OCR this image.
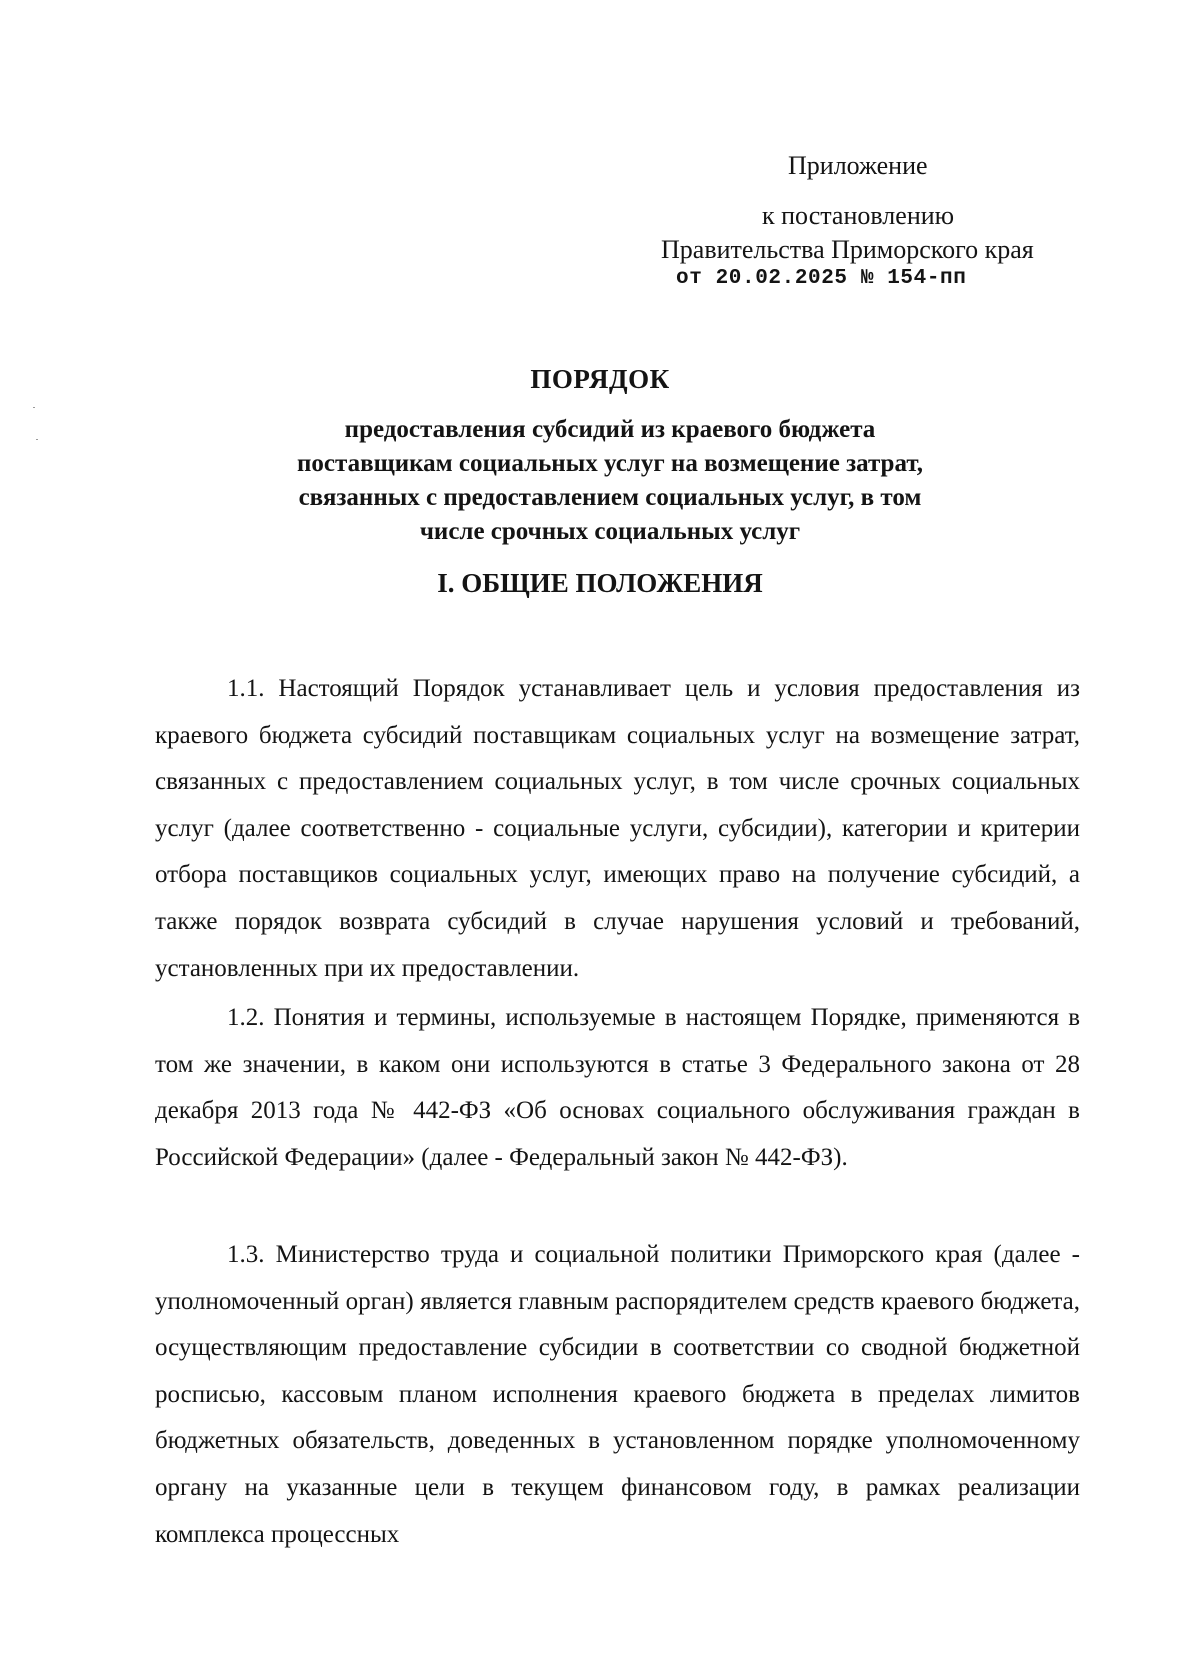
Приложение
к постановлению
Правительства Приморского края
от 20.02.2025 № 154-пп
ПОРЯДОК
предоставления субсидий из краевого бюджета
поставщикам социальных услуг на возмещение затрат,
связанных с предоставлением социальных услуг, в том
числе срочных социальных услуг
I. ОБЩИЕ ПОЛОЖЕНИЯ

1.1. Настоящий Порядок устанавливает цель и условия предоставления из краевого бюджета субсидий поставщикам социальных услуг на возмещение затрат, связанных с предоставлением социальных услуг, в том числе срочных социальных услуг (далее соответственно - социальные услуги, субсидии), категории и критерии отбора поставщиков социальных услуг, имеющих право на получение субсидий, а также порядок возврата субсидий в случае нарушения условий и требований, установленных при их предоставлении.

1.2. Понятия и термины, используемые в настоящем Порядке, применяются в том же значении, в каком они используются в статье 3 Федерального закона от 28 декабря 2013 года № 442-ФЗ «Об основах социального обслуживания граждан в Российской Федерации» (далее - Федеральный закон № 442-ФЗ).

1.3. Министерство труда и социальной политики Приморского края (далее - уполномоченный орган) является главным распорядителем средств краевого бюджета, осуществляющим предоставление субсидии в соответствии со сводной бюджетной росписью, кассовым планом исполнения краевого бюджета в пределах лимитов бюджетных обязательств, доведенных в установленном порядке уполномоченному органу на указанные цели в текущем финансовом году, в рамках реализации комплекса процессных
